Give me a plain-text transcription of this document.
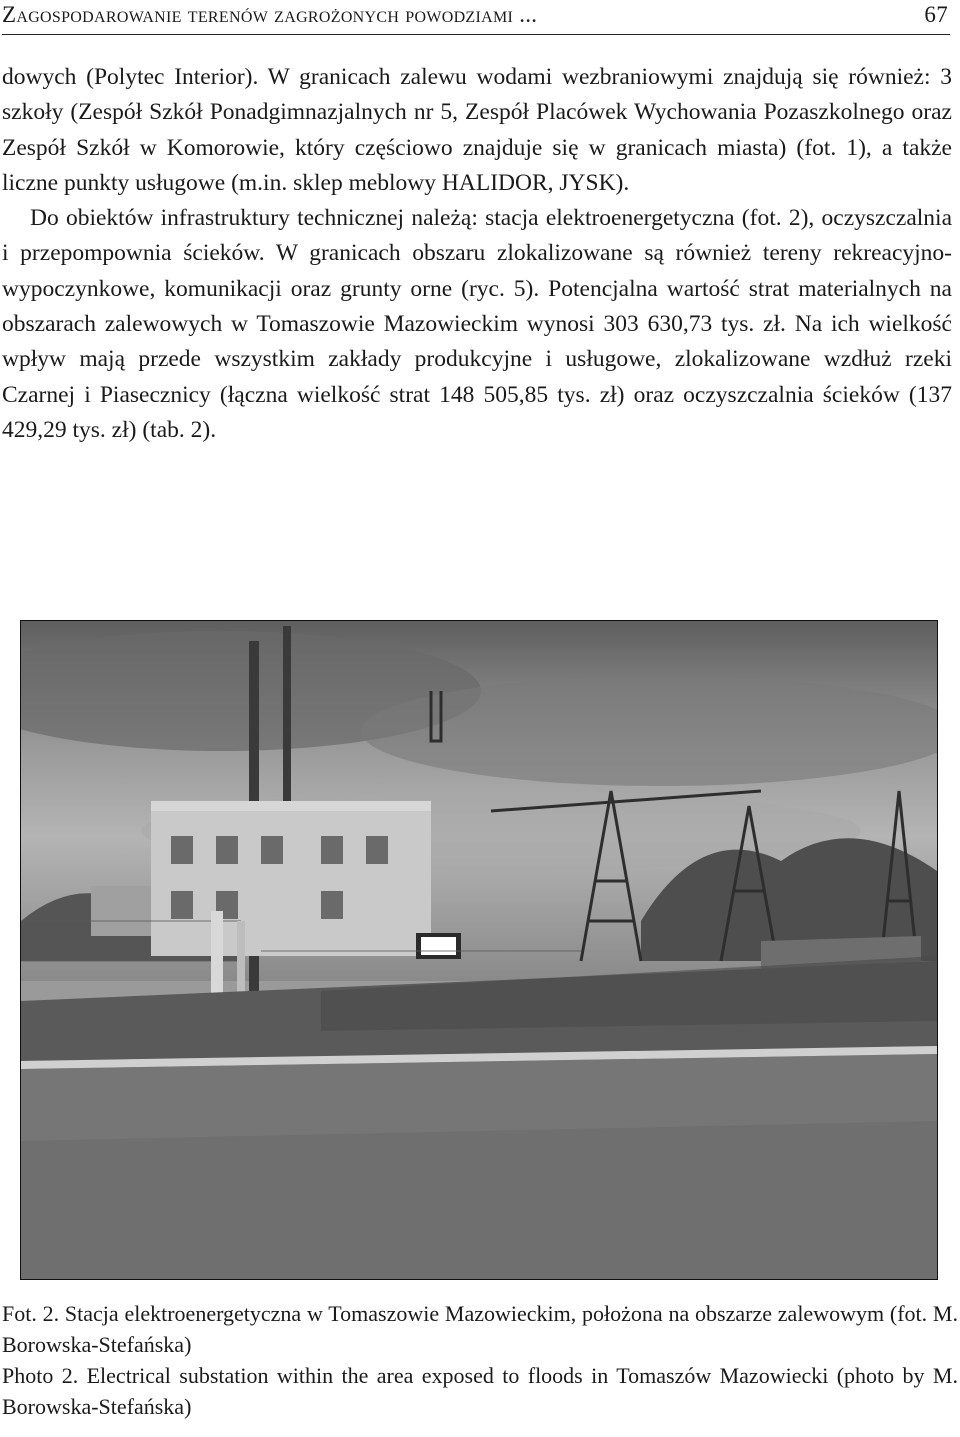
Zagospodarowanie terenów zagrożonych powodziami ...	67

dowych (Polytec Interior). W granicach zalewu wodami wezbraniowymi znajdują się również: 3 szkoły (Zespół Szkół Ponadgimnazjalnych nr 5, Zespół Placówek Wychowania Pozaszkolnego oraz Zespół Szkół w Komorowie, który częściowo znajduje się w granicach miasta) (fot. 1), a także liczne punkty usługowe (m.in. sklep meblowy HALIDOR, JYSK).

Do obiektów infrastruktury technicznej należą: stacja elektroenergetyczna (fot. 2), oczyszczalnia i przepompownia ścieków. W granicach obszaru zlokalizowane są również tereny rekreacyjno-wypoczynkowe, komunikacji oraz grunty orne (ryc. 5). Potencjalna wartość strat materialnych na obszarach zalewowych w Tomaszowie Mazowieckim wynosi 303 630,73 tys. zł. Na ich wielkość wpływ mają przede wszystkim zakłady produkcyjne i usługowe, zlokalizowane wzdłuż rzeki Czarnej i Piasecznicy (łączna wielkość strat 148 505,85 tys. zł) oraz oczyszczalnia ścieków (137 429,29 tys. zł) (tab. 2).

Fot. 2. Stacja elektroenergetyczna w Tomaszowie Mazowieckim, położona na obszarze zalewowym (fot. M. Borowska-Stefańska)

Photo 2. Electrical substation within the area exposed to floods in Tomaszów Mazowiecki (photo by M. Borowska-Stefańska)
